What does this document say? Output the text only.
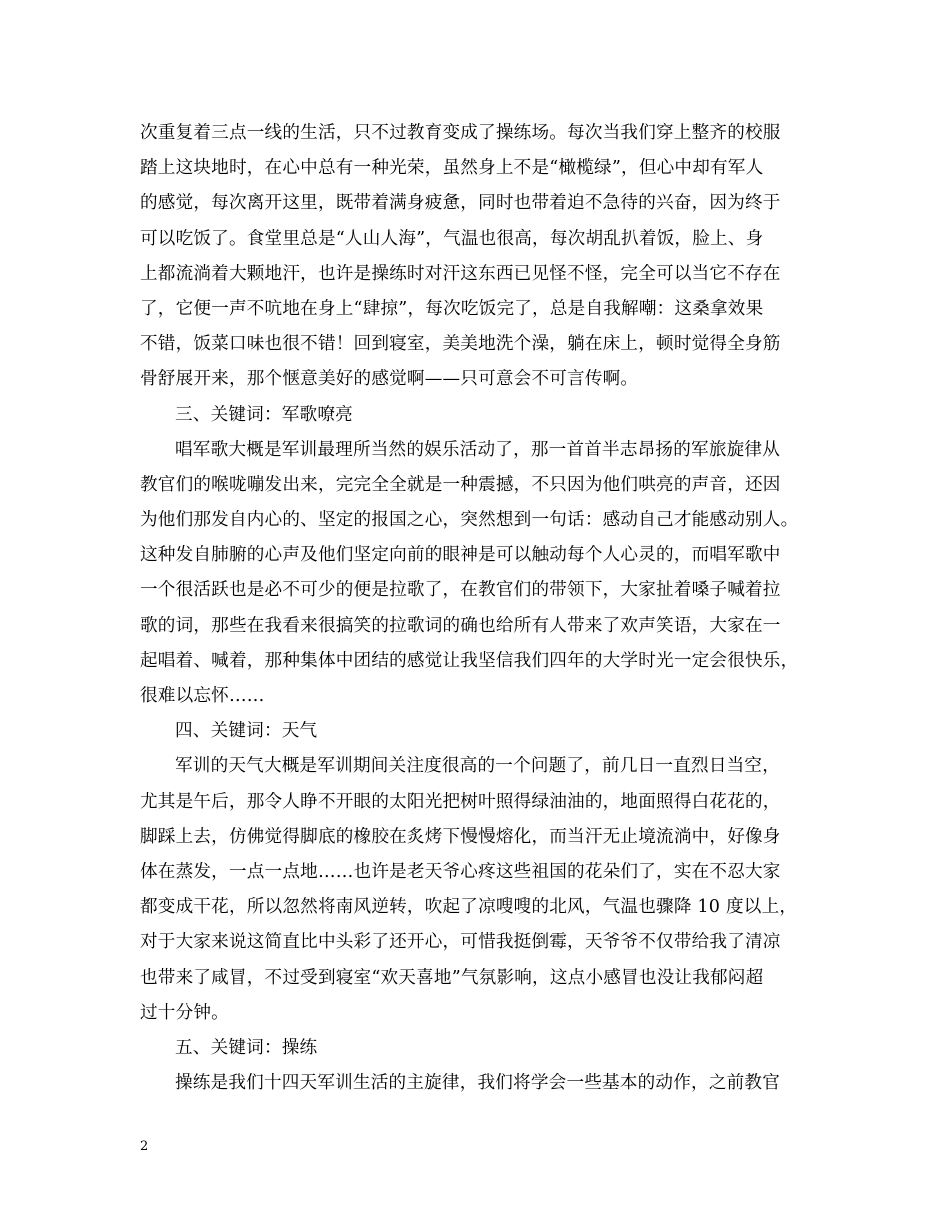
次重复着三点一线的生活，只不过教育变成了操练场。每次当我们穿上整齐的校服
踏上这块地时，在心中总有一种光荣，虽然身上不是“橄榄绿”，但心中却有军人
的感觉，每次离开这里，既带着满身疲惫，同时也带着迫不急待的兴奋，因为终于
可以吃饭了。食堂里总是“人山人海”，气温也很高，每次胡乱扒着饭，脸上、身
上都流淌着大颗地汗，也许是操练时对汗这东西已见怪不怪，完全可以当它不存在
了，它便一声不吭地在身上“肆掠”，每次吃饭完了，总是自我解嘲：这桑拿效果
不错，饭菜口味也很不错！回到寝室，美美地洗个澡，躺在床上，顿时觉得全身筋
骨舒展开来，那个惬意美好的感觉啊——只可意会不可言传啊。
三、关键词：军歌嘹亮
唱军歌大概是军训最理所当然的娱乐活动了，那一首首半志昂扬的军旅旋律从
教官们的喉咙嘣发出来，完完全全就是一种震撼，不只因为他们哄亮的声音，还因
为他们那发自内心的、坚定的报国之心，突然想到一句话：感动自己才能感动别人。
这种发自肺腑的心声及他们坚定向前的眼神是可以触动每个人心灵的，而唱军歌中
一个很活跃也是必不可少的便是拉歌了，在教官们的带领下，大家扯着嗓子喊着拉
歌的词，那些在我看来很搞笑的拉歌词的确也给所有人带来了欢声笑语，大家在一
起唱着、喊着，那种集体中团结的感觉让我坚信我们四年的大学时光一定会很快乐，
很难以忘怀……
四、关键词：天气
军训的天气大概是军训期间关注度很高的一个问题了，前几日一直烈日当空，
尤其是午后，那令人睁不开眼的太阳光把树叶照得绿油油的，地面照得白花花的，
脚踩上去，仿佛觉得脚底的橡胶在炙烤下慢慢熔化，而当汗无止境流淌中，好像身
体在蒸发，一点一点地……也许是老天爷心疼这些祖国的花朵们了，实在不忍大家
都变成干花，所以忽然将南风逆转，吹起了凉嗖嗖的北风，气温也骤降 10 度以上，
对于大家来说这简直比中头彩了还开心，可惜我挺倒霉，天爷爷不仅带给我了清凉
也带来了咸冒，不过受到寝室“欢天喜地”气氛影响，这点小感冒也没让我郁闷超
过十分钟。
五、关键词：操练
操练是我们十四天军训生活的主旋律，我们将学会一些基本的动作，之前教官
2
